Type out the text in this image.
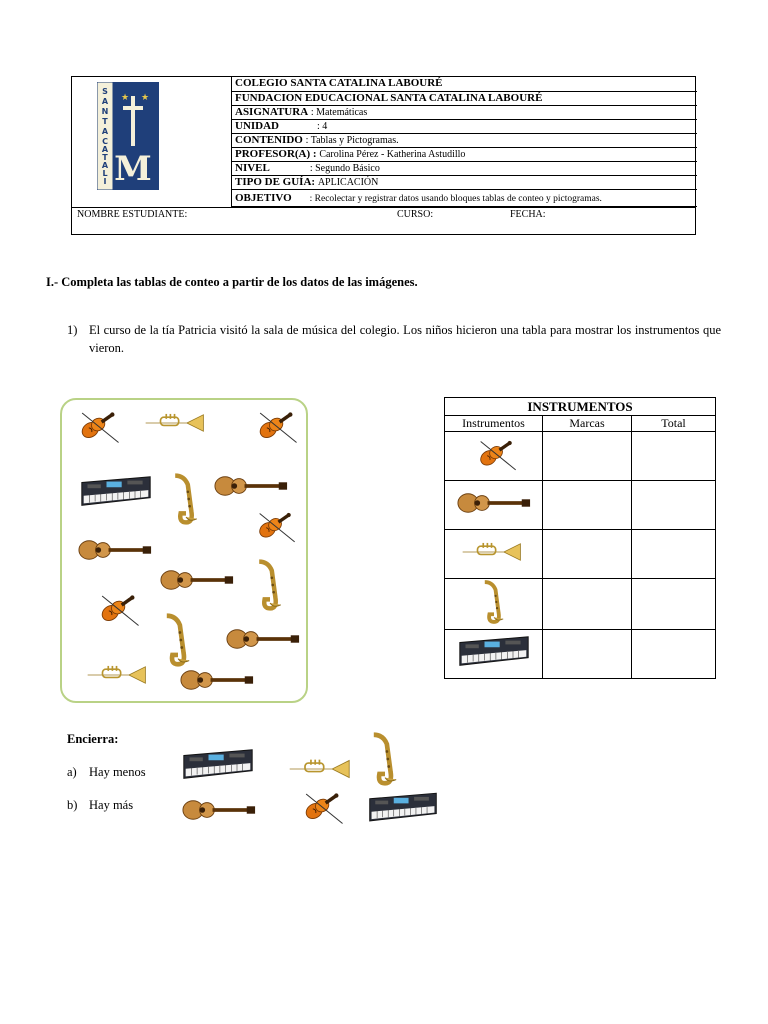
S
A
N
T
A
C
A
T
A
L
I
★ ★
M
COLEGIO SANTA CATALINA LABOURÉ
FUNDACION EDUCACIONAL SANTA CATALINA LABOURÉ
ASIGNATURA : Matemáticas
UNIDAD	: 4
CONTENIDO : Tablas y Pictogramas.
PROFESOR(A) : Carolina Pérez - Katherina Astudillo
NIVEL	: Segundo Básico
TIPO DE GUÍA: APLICACIÓN
OBJETIVO : Recolectar y registrar datos usando bloques tablas de conteo y pictogramas.
NOMBRE ESTUDIANTE:	CURSO:	FECHA:
I.- Completa las tablas de conteo a partir de los datos de las imágenes.
1) El curso de la tía Patricia visitó la sala de música del colegio. Los niños hicieron una tabla para mostrar los instrumentos que vieron.
INSTRUMENTOS		
Instrumentos	Marcas	Total

Encierra:
a) Hay menos
b) Hay más
